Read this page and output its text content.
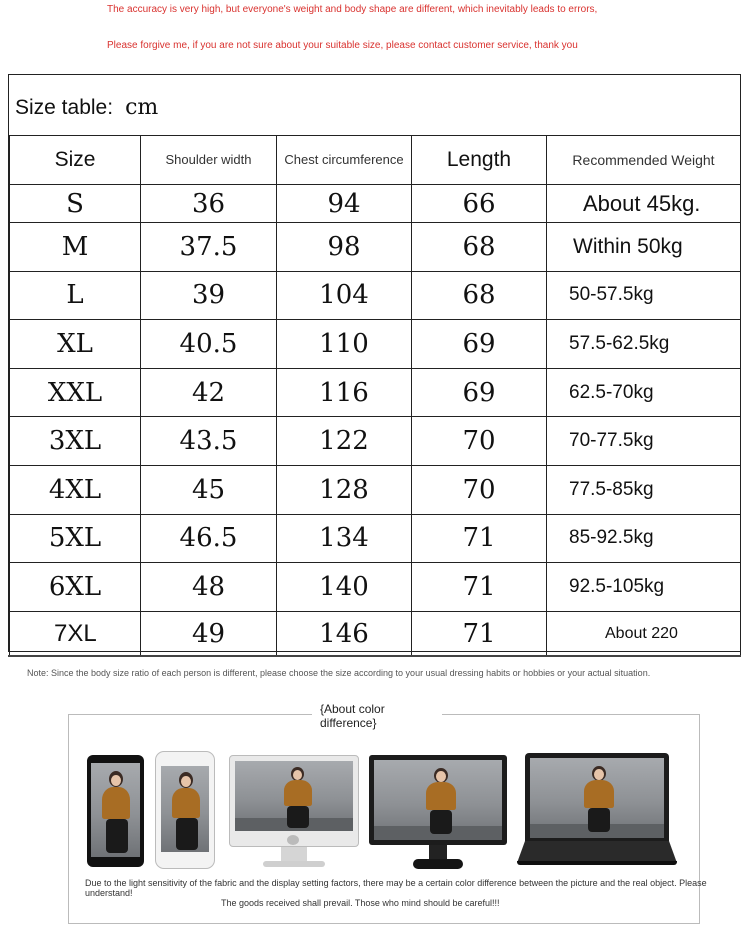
The accuracy is very high, but everyone's weight and body shape are different, which inevitably leads to errors,
Please forgive me, if you are not sure about your suitable size, please contact customer service, thank you
Size table: cm
Size	Shoulder width	Chest circumference	Length	Recommended Weight
S	36	94	66	About 45kg.
M	37.5	98	68	Within 50kg
L	39	104	68	50-57.5kg
XL	40.5	110	69	57.5-62.5kg
XXL	42	116	69	62.5-70kg
3XL	43.5	122	70	70-77.5kg
4XL	45	128	70	77.5-85kg
5XL	46.5	134	71	85-92.5kg
6XL	48	140	71	92.5-105kg
7XL	49	146	71	About 220
Note: Since the body size ratio of each person is different, please choose the size according to your usual dressing habits or hobbies or your actual situation.
{About color difference}
Due to the light sensitivity of the fabric and the display setting factors, there may be a certain color difference between the picture and the real object. Please understand!
The goods received shall prevail. Those who mind should be careful!!!
